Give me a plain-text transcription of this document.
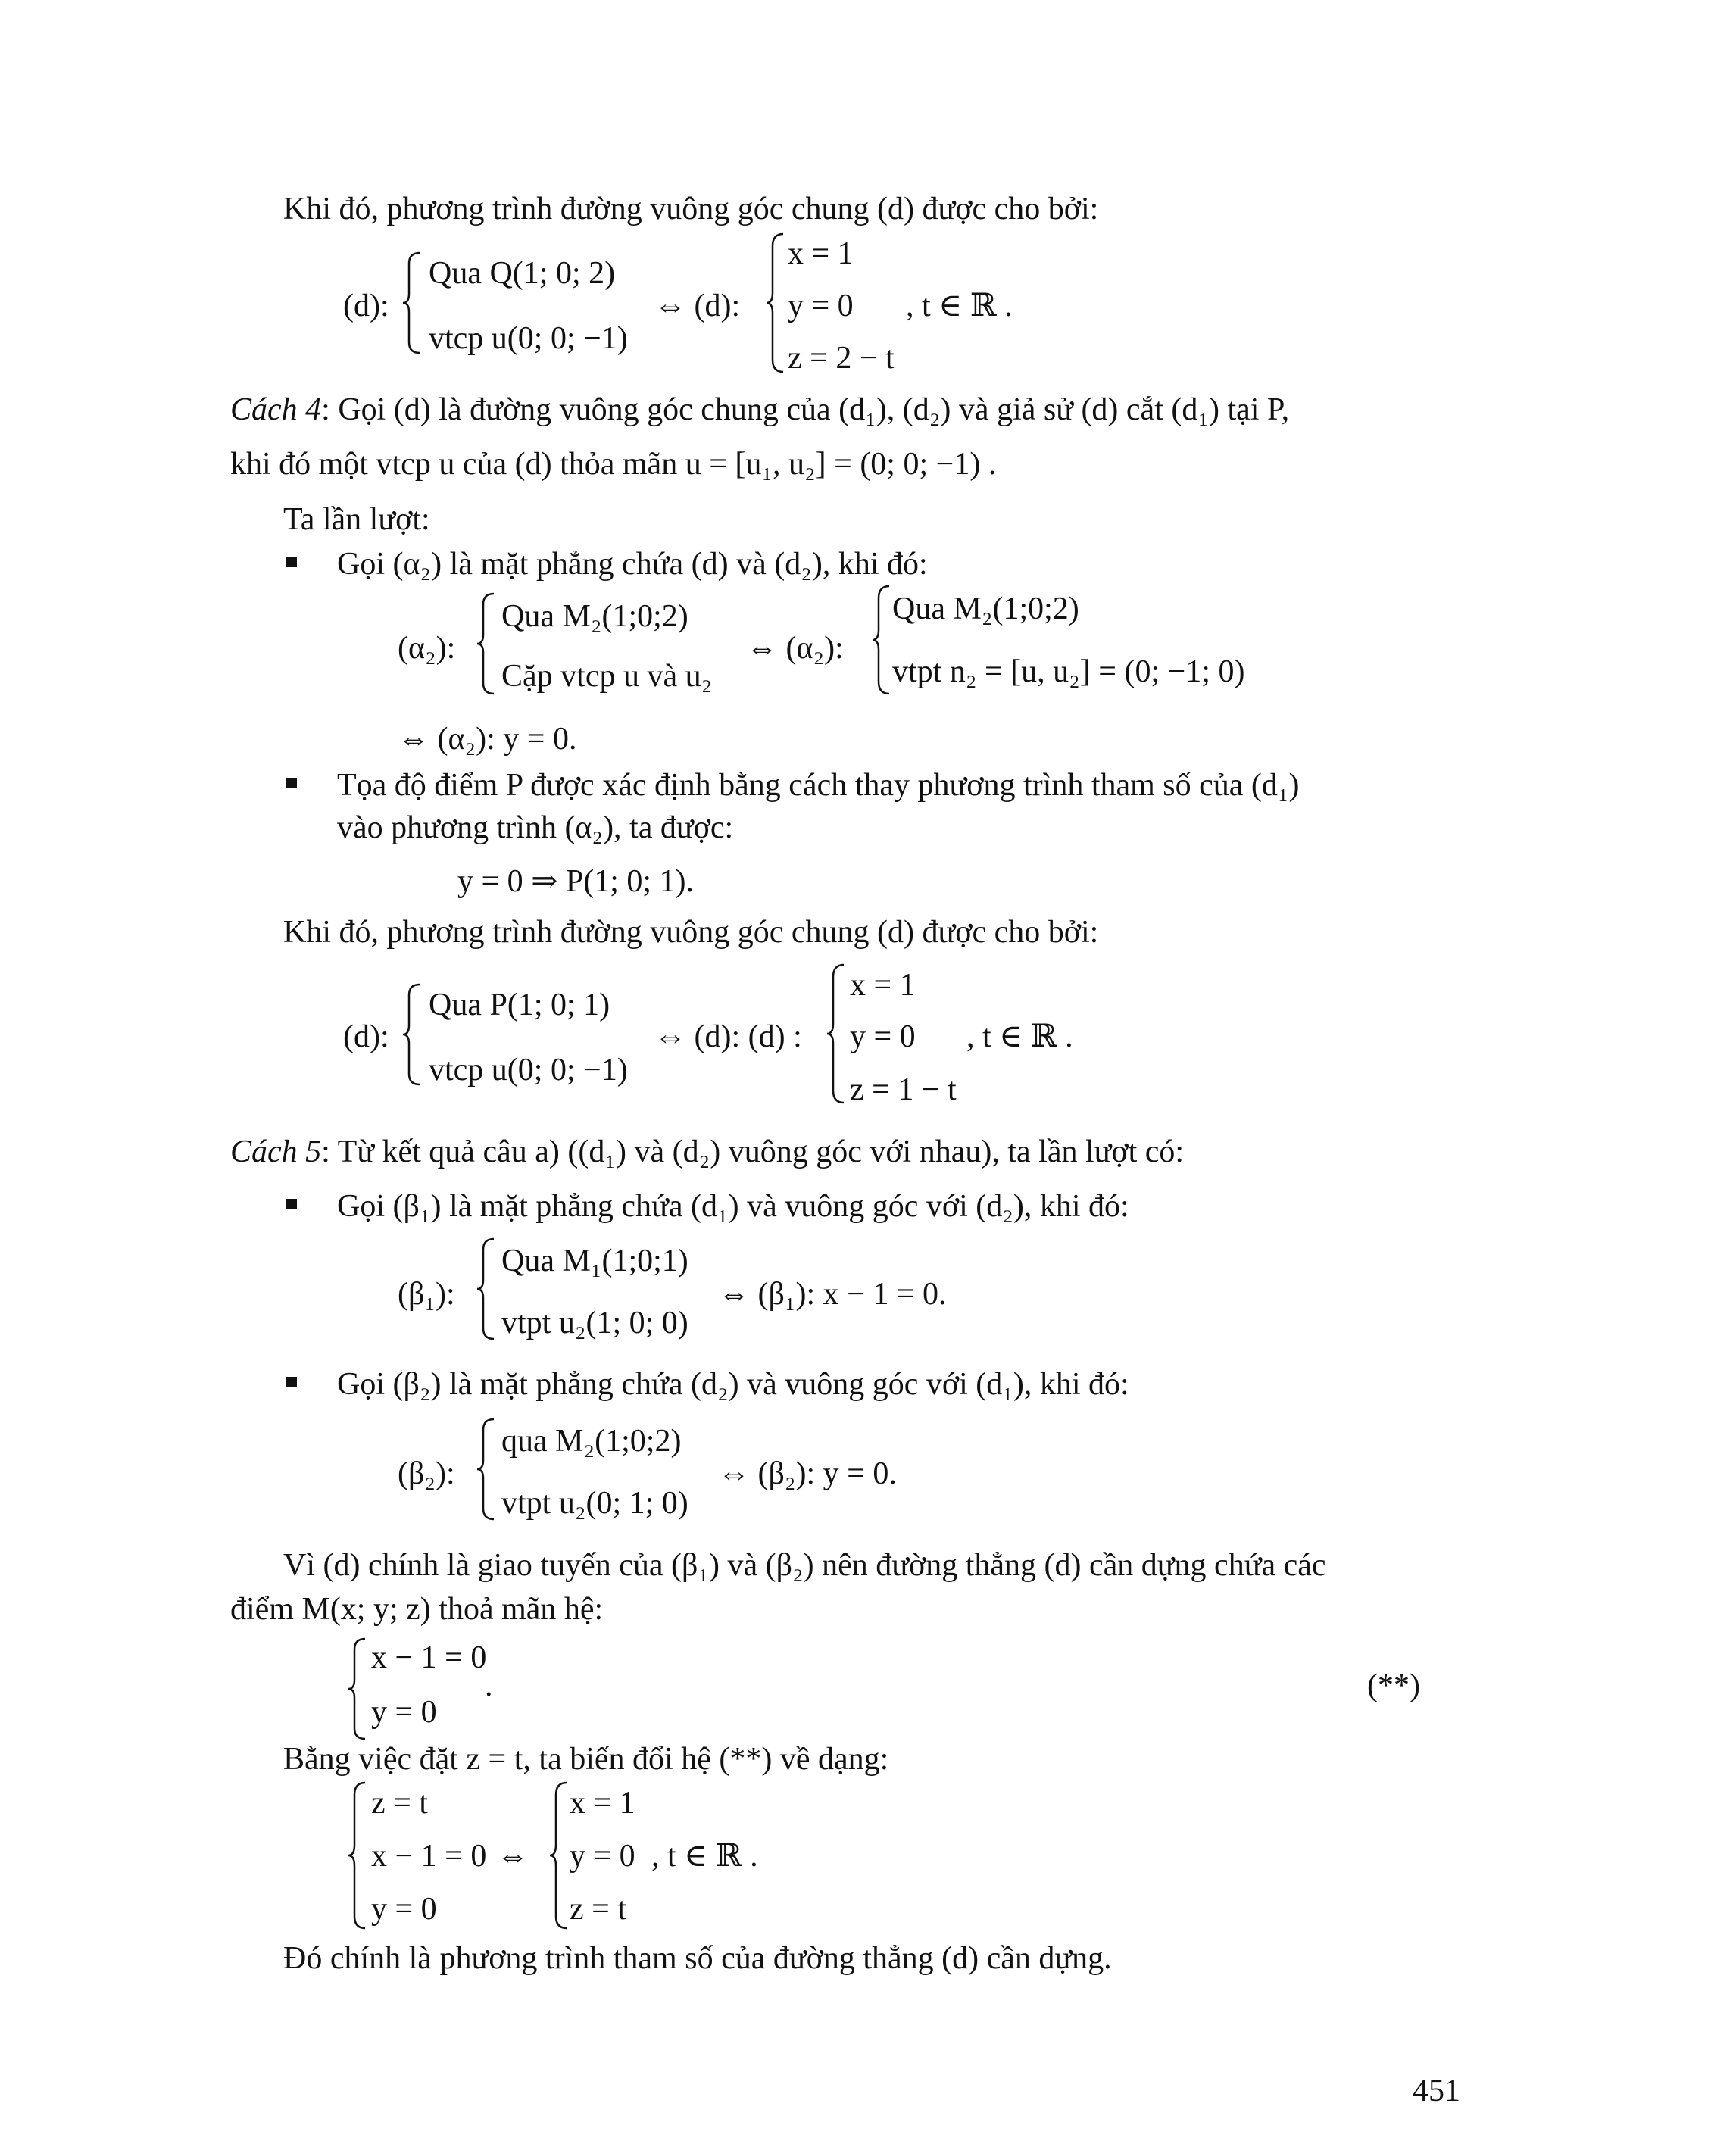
Khi đó, phương trình đường vuông góc chung (d) được cho bởi:
(d):
Qua Q(1; 0; 2)
vtcp u(0; 0; −1)
⇔ (d):
x = 1
y = 0
z = 2 − t
, t ∈ ℝ .
Cách 4: Gọi (d) là đường vuông góc chung của (d₁), (d₂) và giả sử (d) cắt (d₁) tại P,
khi đó một vtcp u của (d) thỏa mãn u = [u₁, u₂] = (0; 0; −1) .
Ta lần lượt:
Gọi (α₂) là mặt phẳng chứa (d) và (d₂), khi đó:
(α₂):
Qua M₂(1;0;2)
Cặp vtcp u và u₂
⇔ (α₂):
Qua M₂(1;0;2)
vtpt n₂ = [u, u₂] = (0; −1; 0)
⇔ (α₂): y = 0.
Tọa độ điểm P được xác định bằng cách thay phương trình tham số của (d₁)
vào phương trình (α₂), ta được:
y = 0 ⇒ P(1; 0; 1).
Khi đó, phương trình đường vuông góc chung (d) được cho bởi:
(d):
Qua P(1; 0; 1)
vtcp u(0; 0; −1)
⇔ (d): (d) :
x = 1
y = 0
z = 1 − t
, t ∈ ℝ .
Cách 5: Từ kết quả câu a) ((d₁) và (d₂) vuông góc với nhau), ta lần lượt có:
Gọi (β₁) là mặt phẳng chứa (d₁) và vuông góc với (d₂), khi đó:
(β₁):
Qua M₁(1;0;1)
vtpt u₂(1; 0; 0)
⇔ (β₁): x − 1 = 0.
Gọi (β₂) là mặt phẳng chứa (d₂) và vuông góc với (d₁), khi đó:
(β₂):
qua M₂(1;0;2)
vtpt u₂(0; 1; 0)
⇔ (β₂): y = 0.
Vì (d) chính là giao tuyến của (β₁) và (β₂) nên đường thẳng (d) cần dựng chứa các
điểm M(x; y; z) thoả mãn hệ:
x − 1 = 0
y = 0
.	(**)
Bằng việc đặt z = t, ta biến đổi hệ (**) về dạng:
z = t
x − 1 = 0
y = 0
⇔
x = 1
y = 0
z = t
, t ∈ ℝ .
Đó chính là phương trình tham số của đường thẳng (d) cần dựng.
451
